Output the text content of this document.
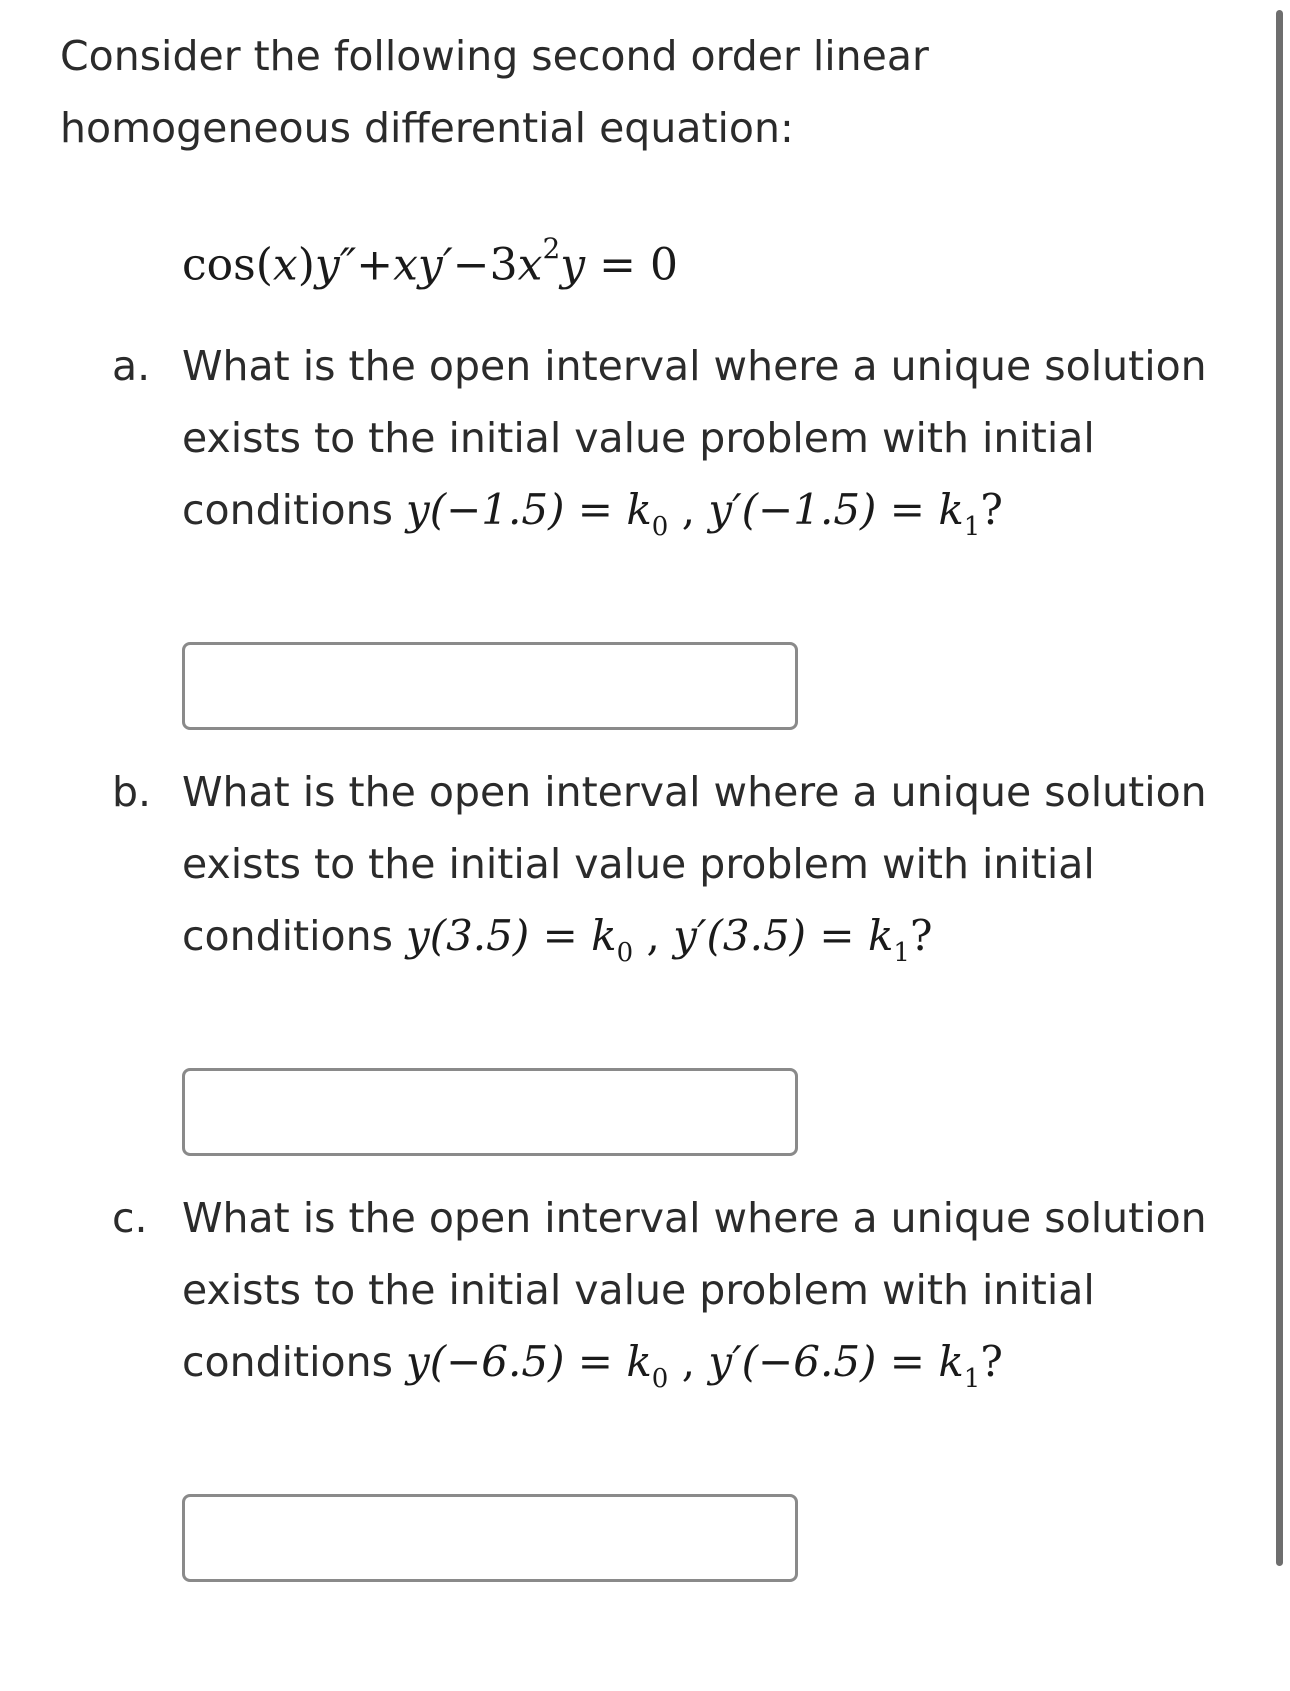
Consider the following second order linear
homogeneous differential equation:
$\cos(x)y''+xy'-3x^2y = 0$
a. What is the open interval where a unique solution
exists to the initial value problem with initial
conditions $y(-1.5) = k_0$ , $y'(-1.5) = k_1$?
b. What is the open interval where a unique solution
exists to the initial value problem with initial
conditions $y(3.5) = k_0$ , $y'(3.5) = k_1$?
c. What is the open interval where a unique solution
exists to the initial value problem with initial
conditions $y(-6.5) = k_0$ , $y'(-6.5) = k_1$?
